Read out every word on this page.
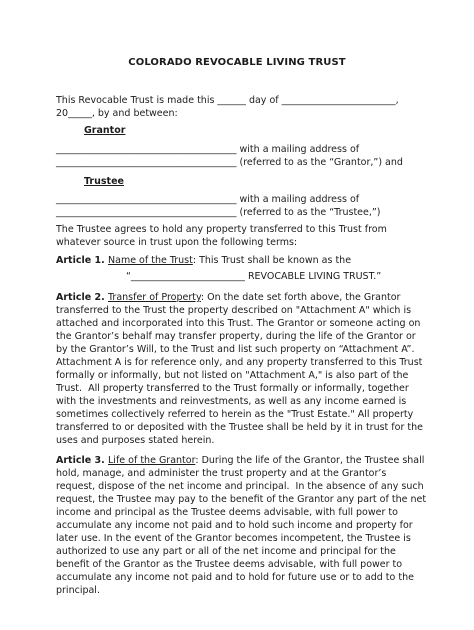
COLORADO REVOCABLE LIVING TRUST
This Revocable Trust is made this ______ day of ________________________,
20_____, by and between:
Grantor
______________________________________ with a mailing address of
______________________________________ (referred to as the “Grantor,”) and
Trustee
______________________________________ with a mailing address of
______________________________________ (referred to as the “Trustee,”)
The Trustee agrees to hold any property transferred to this Trust from
whatever source in trust upon the following terms:
Article 1. Name of the Trust: This Trust shall be known as the
“________________________ REVOCABLE LIVING TRUST.”
Article 2. Transfer of Property: On the date set forth above, the Grantor
transferred to the Trust the property described on "Attachment A" which is
attached and incorporated into this Trust. The Grantor or someone acting on
the Grantor’s behalf may transfer property, during the life of the Grantor or
by the Grantor’s Will, to the Trust and list such property on “Attachment A”.
Attachment A is for reference only, and any property transferred to this Trust
formally or informally, but not listed on "Attachment A," is also part of the
Trust.  All property transferred to the Trust formally or informally, together
with the investments and reinvestments, as well as any income earned is
sometimes collectively referred to herein as the "Trust Estate." All property
transferred to or deposited with the Trustee shall be held by it in trust for the
uses and purposes stated herein.
Article 3. Life of the Grantor: During the life of the Grantor, the Trustee shall
hold, manage, and administer the trust property and at the Grantor’s
request, dispose of the net income and principal.  In the absence of any such
request, the Trustee may pay to the benefit of the Grantor any part of the net
income and principal as the Trustee deems advisable, with full power to
accumulate any income not paid and to hold such income and property for
later use. In the event of the Grantor becomes incompetent, the Trustee is
authorized to use any part or all of the net income and principal for the
benefit of the Grantor as the Trustee deems advisable, with full power to
accumulate any income not paid and to hold for future use or to add to the
principal.
